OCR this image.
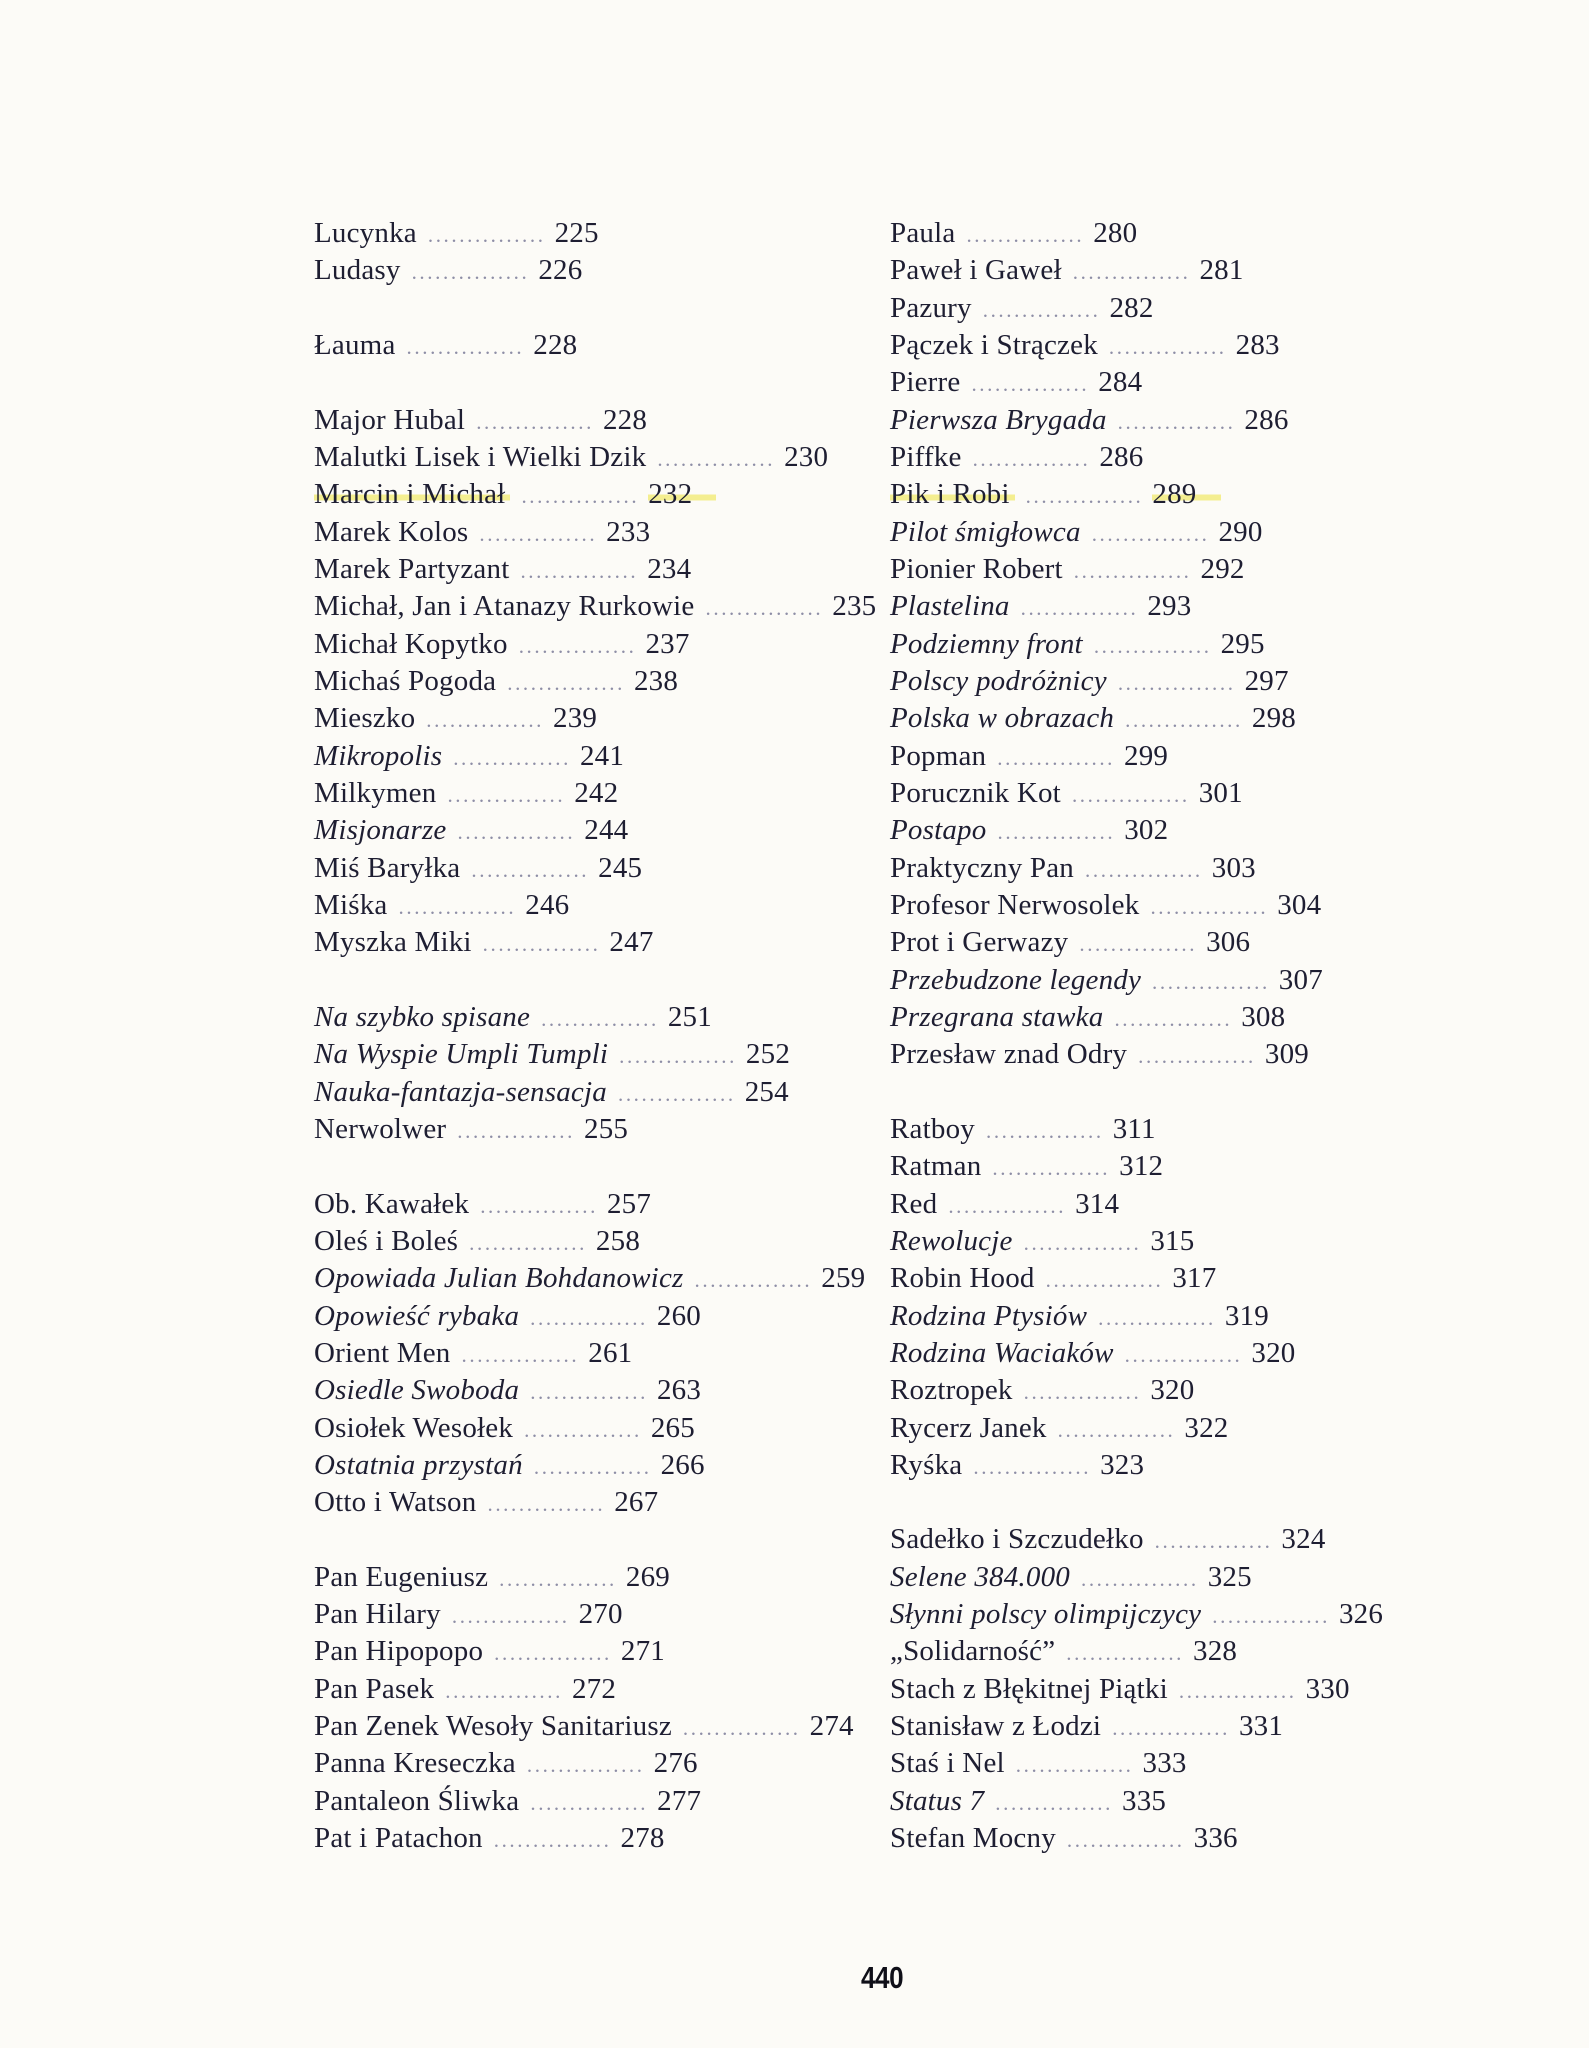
Lucynka ............... 225
Ludasy ............... 226
Łauma ............... 228
Major Hubal ............... 228
Malutki Lisek i Wielki Dzik ............... 230
Marcin i Michał ............... 232
Marek Kolos ............... 233
Marek Partyzant ............... 234
Michał, Jan i Atanazy Rurkowie ............... 235
Michał Kopytko ............... 237
Michaś Pogoda ............... 238
Mieszko ............... 239
Mikropolis ............... 241
Milkymen ............... 242
Misjonarze ............... 244
Miś Baryłka ............... 245
Miśka ............... 246
Myszka Miki ............... 247
Na szybko spisane ............... 251
Na Wyspie Umpli Tumpli ............... 252
Nauka-fantazja-sensacja ............... 254
Nerwolwer ............... 255
Ob. Kawałek ............... 257
Oleś i Boleś ............... 258
Opowiada Julian Bohdanowicz ............... 259
Opowieść rybaka ............... 260
Orient Men ............... 261
Osiedle Swoboda ............... 263
Osiołek Wesołek ............... 265
Ostatnia przystań ............... 266
Otto i Watson ............... 267
Pan Eugeniusz ............... 269
Pan Hilary ............... 270
Pan Hipopopo ............... 271
Pan Pasek ............... 272
Pan Zenek Wesoły Sanitariusz ............... 274
Panna Kreseczka ............... 276
Pantaleon Śliwka ............... 277
Pat i Patachon ............... 278
Paula ............... 280
Paweł i Gaweł ............... 281
Pazury ............... 282
Pączek i Strączek ............... 283
Pierre ............... 284
Pierwsza Brygada ............... 286
Piffke ............... 286
Pik i Robi ............... 289
Pilot śmigłowca ............... 290
Pionier Robert ............... 292
Plastelina ............... 293
Podziemny front ............... 295
Polscy podróżnicy ............... 297
Polska w obrazach ............... 298
Popman ............... 299
Porucznik Kot ............... 301
Postapo ............... 302
Praktyczny Pan ............... 303
Profesor Nerwosolek ............... 304
Prot i Gerwazy ............... 306
Przebudzone legendy ............... 307
Przegrana stawka ............... 308
Przesław znad Odry ............... 309
Ratboy ............... 311
Ratman ............... 312
Red ............... 314
Rewolucje ............... 315
Robin Hood ............... 317
Rodzina Ptysiów ............... 319
Rodzina Waciaków ............... 320
Roztropek ............... 320
Rycerz Janek ............... 322
Ryśka ............... 323
Sadełko i Szczudełko ............... 324
Selene 384.000 ............... 325
Słynni polscy olimpijczycy ............... 326
„Solidarność” ............... 328
Stach z Błękitnej Piątki ............... 330
Stanisław z Łodzi ............... 331
Staś i Nel ............... 333
Status 7 ............... 335
Stefan Mocny ............... 336
440
